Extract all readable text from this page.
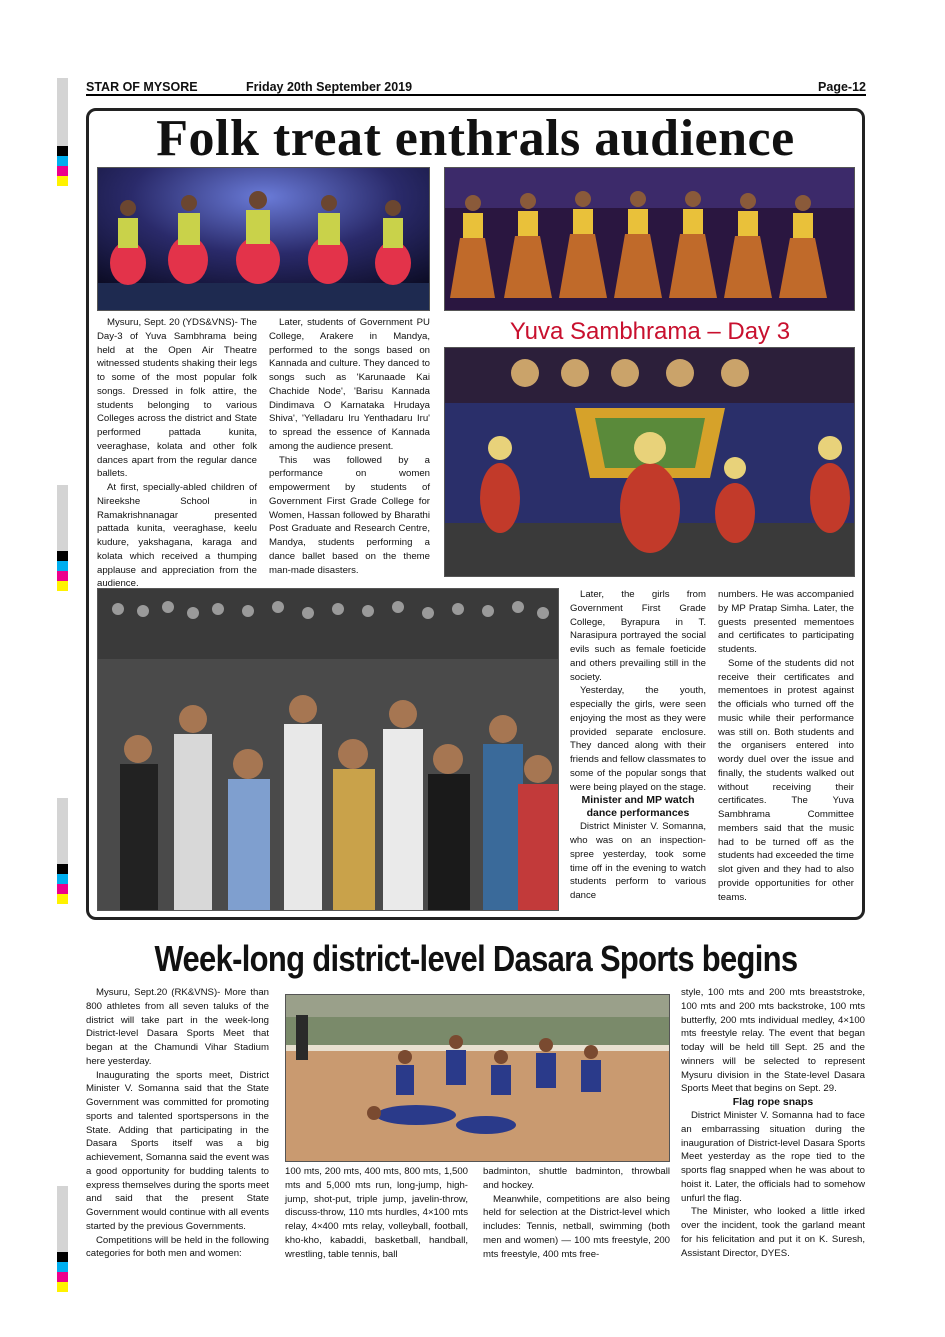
STAR OF MYSORE	Friday 20th September 2019	Page-12
Folk treat enthrals audience
Yuva Sambhrama – Day 3

Mysuru, Sept. 20 (YDS&VNS)- The Day-3 of Yuva Sambhrama being held at the Open Air Theatre witnessed students shaking their legs to some of the most popular folk songs. Dressed in folk attire, the students belonging to various Colleges across the district and State performed pattada kunita, veeraghase, kolata and other folk dances apart from the regular dance ballets.

At first, specially-abled children of Nireekshe School in Ramakrishnanagar presented pattada kunita, veeraghase, keelu kudure, yakshagana, karaga and kolata which received a thumping applause and appreciation from the audience.

Later, students of Government PU College, Arakere in Mandya, performed to the songs based on Kannada and culture. They danced to songs such as 'Karunaade Kai Chachide Node', 'Barisu Kannada Dindimava O Karnataka Hrudaya Shiva', 'Yelladaru Iru Yenthadaru Iru' to spread the essence of Kannada among the audience present.

This was followed by a performance on women empowerment by students of Government First Grade College for Women, Hassan followed by Bharathi Post Graduate and Research Centre, Mandya, students performing a dance ballet based on the theme man-made disasters.

Later, the girls from Government First Grade College, Byrapura in T. Narasipura portrayed the social evils such as female foeticide and others prevailing still in the society.

Yesterday, the youth, especially the girls, were seen enjoying the most as they were provided separate enclosure. They danced along with their friends and fellow classmates to some of the popular songs that were being played on the stage.

Minister and MP watch dance performances

District Minister V. Somanna, who was on an inspection-spree yesterday, took some time off in the evening to watch students perform to various dance

numbers. He was accompanied by MP Pratap Simha. Later, the guests presented mementoes and certificates to participating students.

Some of the students did not receive their certificates and mementoes in protest against the officials who turned off the music while their performance was still on. Both students and the organisers entered into wordy duel over the issue and finally, the students walked out without receiving their certificates. The Yuva Sambhrama Committee members said that the music had to be turned off as the students had exceeded the time slot given and they had to also provide opportunities for other teams.

Week-long district-level Dasara Sports begins

Mysuru, Sept.20 (RK&VNS)- More than 800 athletes from all seven taluks of the district will take part in the week-long District-level Dasara Sports Meet that began at the Chamundi Vihar Stadium here yesterday.

Inaugurating the sports meet, District Minister V. Somanna said that the State Government was committed for promoting sports and talented sportspersons in the State. Adding that participating in the Dasara Sports itself was a big achievement, Somanna said the event was a good opportunity for budding talents to express themselves during the sports meet and said that the present State Government would continue with all events started by the previous Governments.

Competitions will be held in the following categories for both men and women:

100 mts, 200 mts, 400 mts, 800 mts, 1,500 mts and 5,000 mts run, long-jump, high-jump, shot-put, triple jump, javelin-throw, discuss-throw, 110 mts hurdles, 4×100 mts relay, 4×400 mts relay, volleyball, football, kho-kho, kabaddi, basketball, handball, wrestling, table tennis, ball

badminton, shuttle badminton, throwball and hockey.

Meanwhile, competitions are also being held for selection at the District-level which includes: Tennis, netball, swimming (both men and women) — 100 mts freestyle, 200 mts freestyle, 400 mts free-

style, 100 mts and 200 mts breaststroke, 100 mts and 200 mts backstroke, 100 mts butterfly, 200 mts individual medley, 4×100 mts freestyle relay. The event that began today will be held till Sept. 25 and the winners will be selected to represent Mysuru division in the State-level Dasara Sports Meet that begins on Sept. 29.

Flag rope snaps

District Minister V. Somanna had to face an embarrassing situation during the inauguration of District-level Dasara Sports Meet yesterday as the rope tied to the sports flag snapped when he was about to hoist it. Later, the officials had to somehow unfurl the flag.

The Minister, who looked a little irked over the incident, took the garland meant for his felicitation and put it on K. Suresh, Assistant Director, DYES.
